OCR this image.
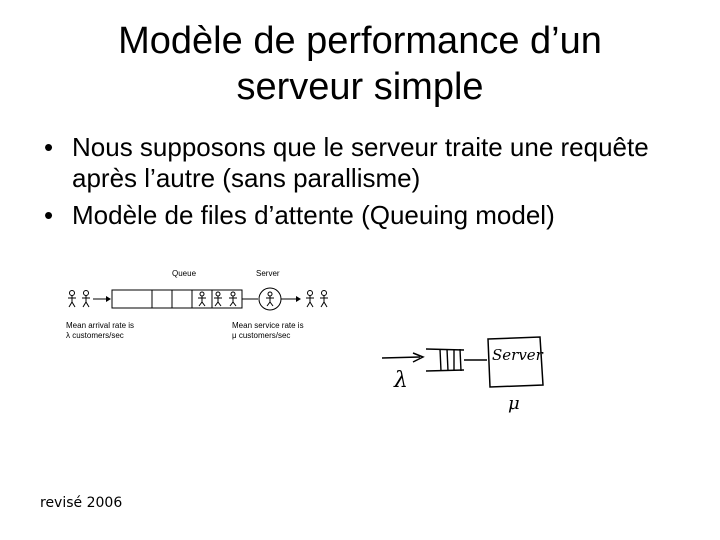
Modèle de performance d’un
serveur simple
• Nous supposons que le serveur traite une requête après l’autre (sans parallisme)
• Modèle de files d’attente (Queuing model)
Queue	Server
Mean arrival rate is
λ customers/sec
Mean service rate is
μ customers/sec
Server
λ
μ
revisé 2006
